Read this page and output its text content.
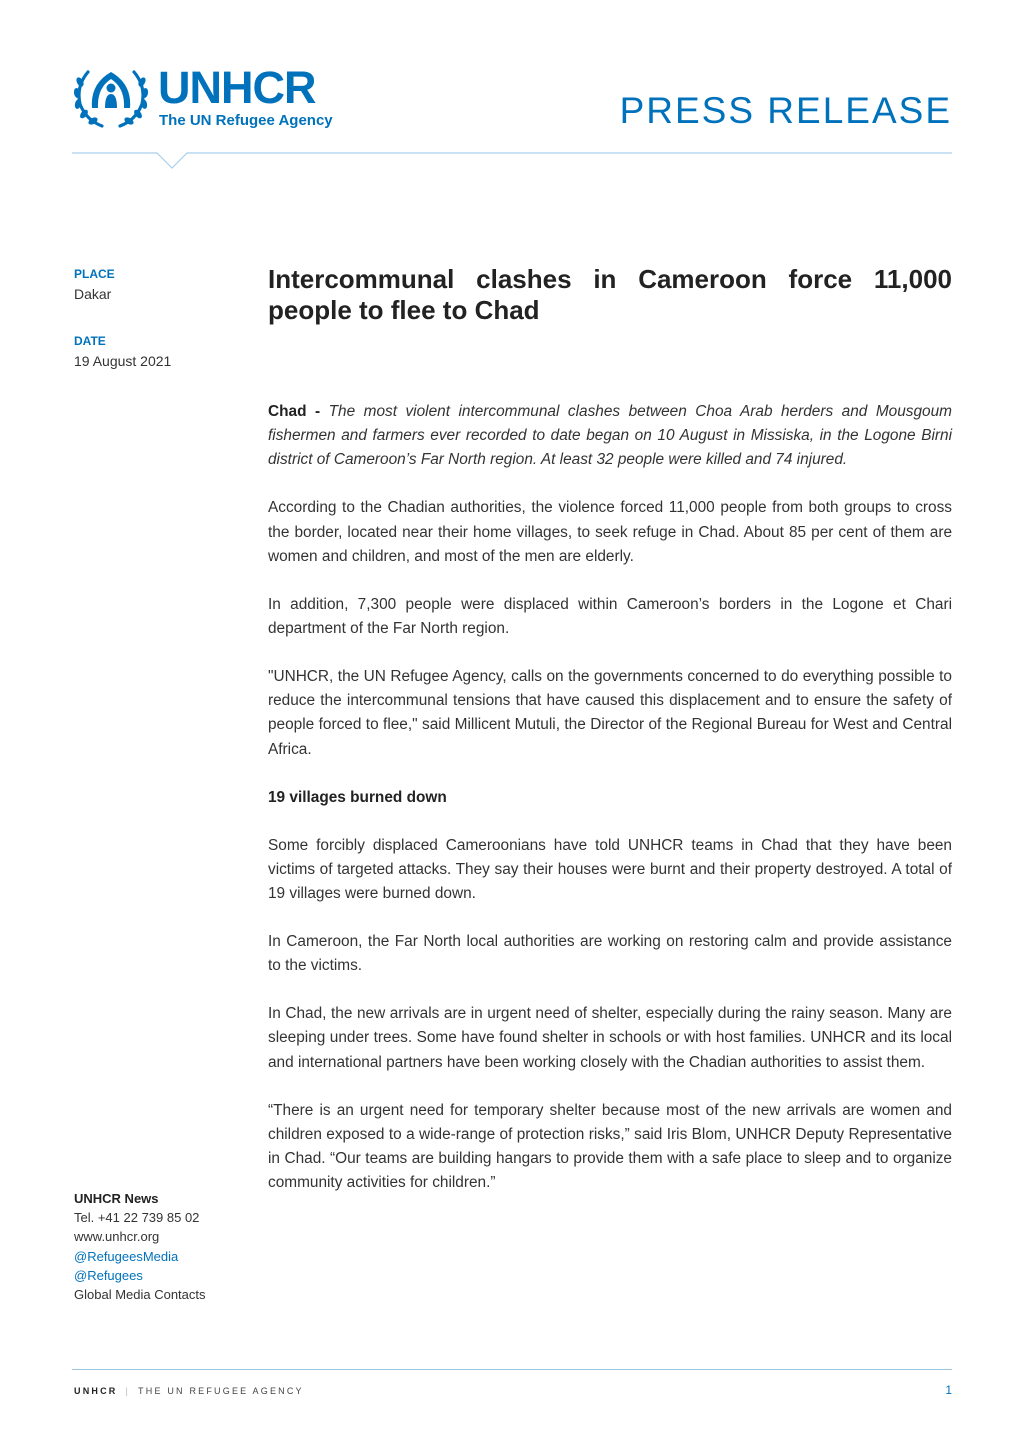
UNHCR
The UN Refugee Agency	PRESS RELEASE
PLACE
Dakar
DATE
19 August 2021
Intercommunal clashes in Cameroon force 11,000 people to flee to Chad

Chad - The most violent intercommunal clashes between Choa Arab herders and Mousgoum fishermen and farmers ever recorded to date began on 10 August in Missiska, in the Logone Birni district of Cameroon’s Far North region. At least 32 people were killed and 74 injured.

According to the Chadian authorities, the violence forced 11,000 people from both groups to cross the border, located near their home villages, to seek refuge in Chad. About 85 per cent of them are women and children, and most of the men are elderly.

In addition, 7,300 people were displaced within Cameroon’s borders in the Logone et Chari department of the Far North region.

"UNHCR, the UN Refugee Agency, calls on the governments concerned to do everything possible to reduce the intercommunal tensions that have caused this displacement and to ensure the safety of people forced to flee," said Millicent Mutuli, the Director of the Regional Bureau for West and Central Africa.

19 villages burned down

Some forcibly displaced Cameroonians have told UNHCR teams in Chad that they have been victims of targeted attacks. They say their houses were burnt and their property destroyed. A total of 19 villages were burned down.

In Cameroon, the Far North local authorities are working on restoring calm and provide assistance to the victims.

In Chad, the new arrivals are in urgent need of shelter, especially during the rainy season. Many are sleeping under trees. Some have found shelter in schools or with host families. UNHCR and its local and international partners have been working closely with the Chadian authorities to assist them.

“There is an urgent need for temporary shelter because most of the new arrivals are women and children exposed to a wide-range of protection risks,” said Iris Blom, UNHCR Deputy Representative in Chad. “Our teams are building hangars to provide them with a safe place to sleep and to organize community activities for children.”

UNHCR News
Tel. +41 22 739 85 02
www.unhcr.org
@RefugeesMedia
@Refugees
Global Media Contacts
UNHCR | THE UN REFUGEE AGENCY	1
